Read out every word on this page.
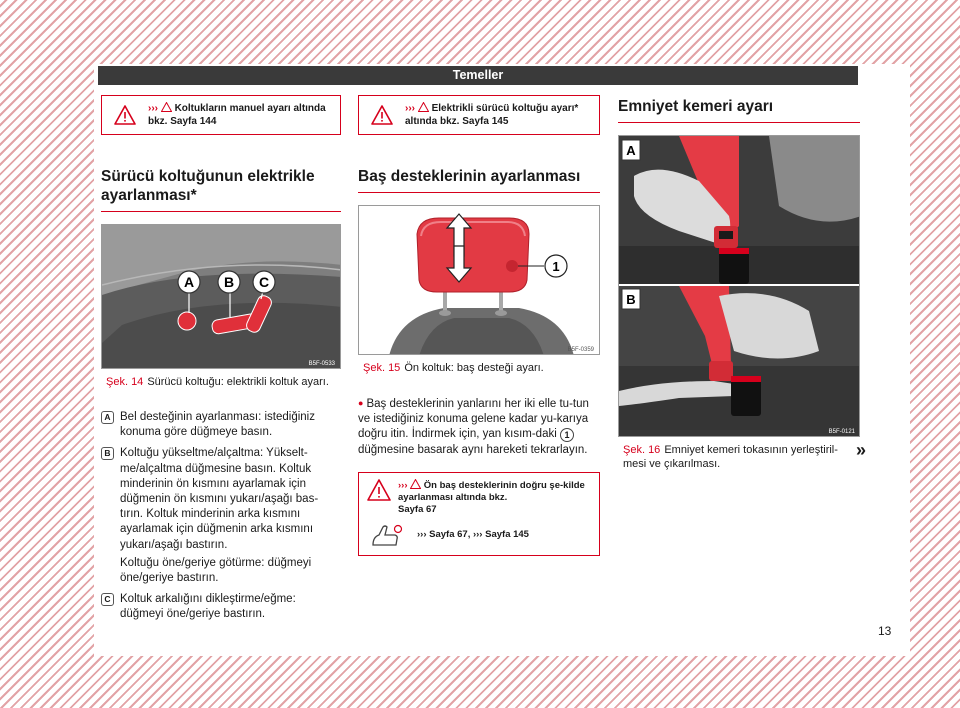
Temeller
››› Koltukların manuel ayarı altında
bkz. Sayfa 144
Sürücü koltuğunun elektrikle ayarlanması*
A B C
B5F-0533
Şek. 14 Sürücü koltuğu: elektrikli koltuk ayarı.
A Bel desteğinin ayarlanması: istediğiniz konuma göre düğmeye basın.
B Koltuğu yükseltme/alçaltma: Yükselt-me/alçaltma düğmesine basın. Koltuk minderinin ön kısmını ayarlamak için düğmenin ön kısmını yukarı/aşağı bas-tırın. Koltuk minderinin arka kısmını ayarlamak için düğmenin arka kısmını yukarı/aşağı bastırın.
Koltuğu öne/geriye götürme: düğmeyi öne/geriye bastırın.
C Koltuk arkalığını dikleştirme/eğme: düğmeyi öne/geriye bastırın.
››› Elektrikli sürücü koltuğu ayarı*
altında bkz. Sayfa 145
Baş desteklerinin ayarlanması
1
B5F-0359
Şek. 15 Ön koltuk: baş desteği ayarı.
● Baş desteklerinin yanlarını her iki elle tu-tun ve istediğiniz konuma gelene kadar yu-karıya doğru itin. İndirmek için, yan kısım-daki 1 düğmesine basarak aynı hareketi tekrarlayın.
››› Ön baş desteklerinin doğru şe-kilde ayarlanması altında bkz.
Sayfa 67
››› Sayfa 67, ››› Sayfa 145
Emniyet kemeri ayarı
A
B
B5F-0121
Şek. 16 Emniyet kemeri tokasının yerleştiril-mesi ve çıkarılması.
»
13
